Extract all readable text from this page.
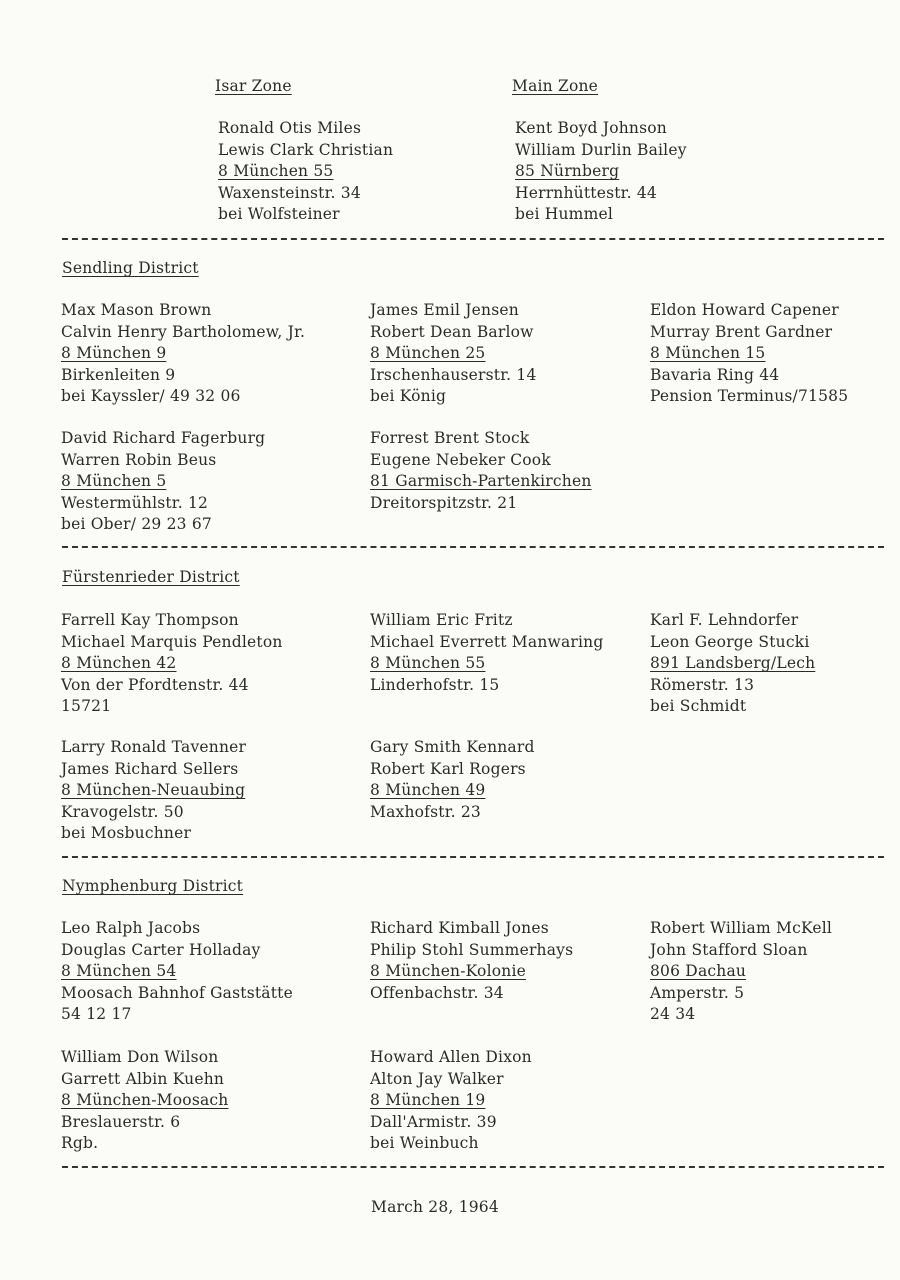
Isar Zone
Ronald Otis Miles
Lewis Clark Christian
8 München 55
Waxensteinstr. 34
bei Wolfsteiner
Main Zone
Kent Boyd Johnson
William Durlin Bailey
85 Nürnberg
Herrnhüttestr. 44
bei Hummel
Sendling District
Max Mason Brown
Calvin Henry Bartholomew, Jr.
8 München 9
Birkenleiten 9
bei Kayssler/ 49 32 06
James Emil Jensen
Robert Dean Barlow
8 München 25
Irschenhauserstr. 14
bei König
Eldon Howard Capener
Murray Brent Gardner
8 München 15
Bavaria Ring 44
Pension Terminus/71585
David Richard Fagerburg
Warren Robin Beus
8 München 5
Westermühlstr. 12
bei Ober/ 29 23 67
Forrest Brent Stock
Eugene Nebeker Cook
81 Garmisch-Partenkirchen
Dreitorspitzstr. 21
Fürstenrieder District
Farrell Kay Thompson
Michael Marquis Pendleton
8 München 42
Von der Pfordtenstr. 44
15721
William Eric Fritz
Michael Everrett Manwaring
8 München 55
Linderhofstr. 15
Karl F. Lehndorfer
Leon George Stucki
891 Landsberg/Lech
Römerstr. 13
bei Schmidt
Larry Ronald Tavenner
James Richard Sellers
8 München-Neuaubing
Kravogelstr. 50
bei Mosbuchner
Gary Smith Kennard
Robert Karl Rogers
8 München 49
Maxhofstr. 23
Nymphenburg District
Leo Ralph Jacobs
Douglas Carter Holladay
8 München 54
Moosach Bahnhof Gaststätte
54 12 17
Richard Kimball Jones
Philip Stohl Summerhays
8 München-Kolonie
Offenbachstr. 34
Robert William McKell
John Stafford Sloan
806 Dachau
Amperstr. 5
24 34
William Don Wilson
Garrett Albin Kuehn
8 München-Moosach
Breslauerstr. 6
Rgb.
Howard Allen Dixon
Alton Jay Walker
8 München 19
Dall'Armistr. 39
bei Weinbuch
March 28, 1964
